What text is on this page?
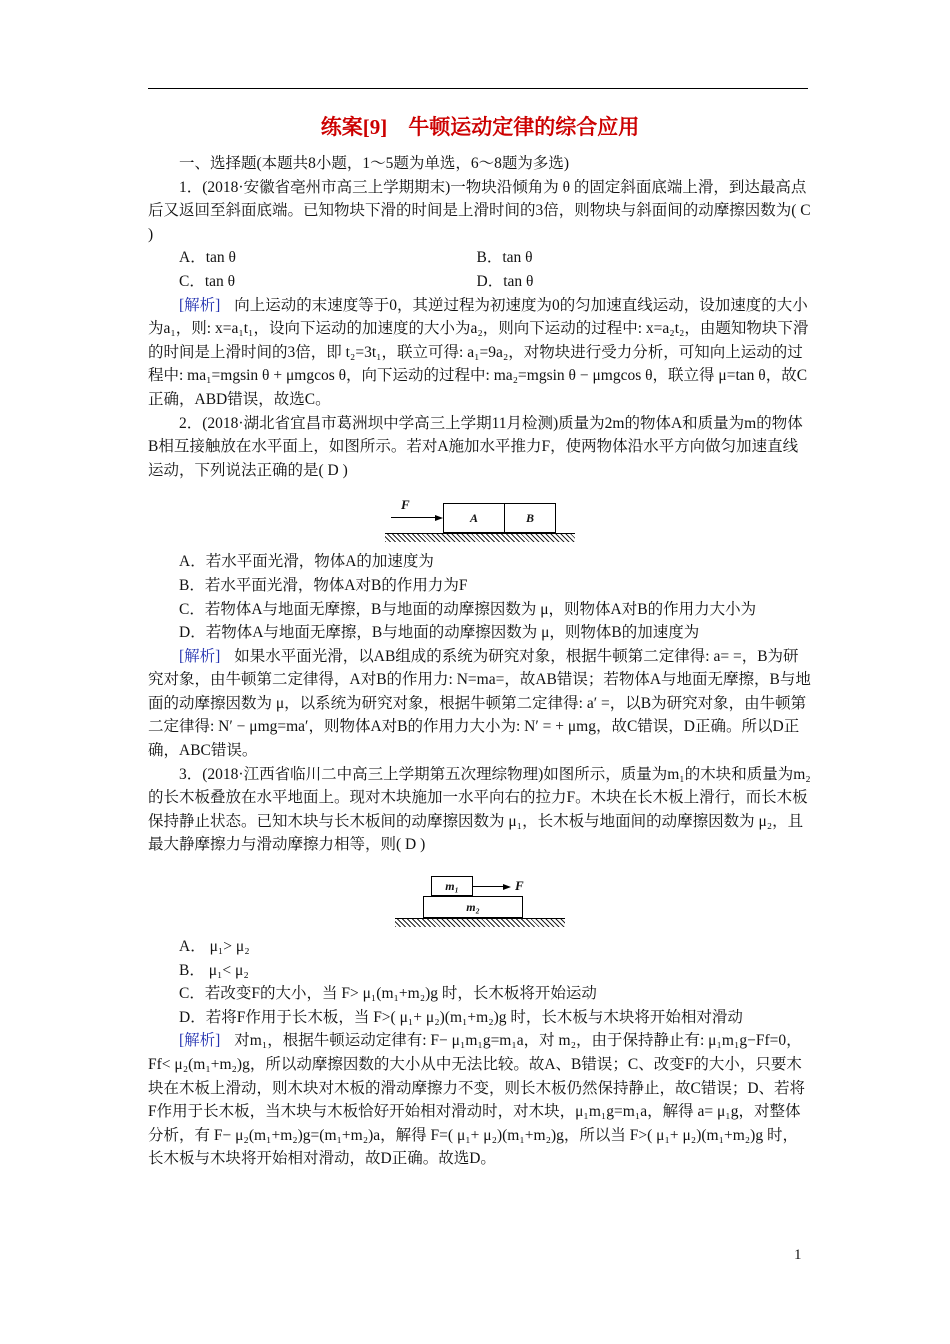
练案[9]　牛顿运动定律的综合应用

一、选择题(本题共8小题，1～5题为单选，6～8题为多选)

1．(2018·安徽省亳州市高三上学期期末)一物块沿倾角为 θ 的固定斜面底端上滑，到达最高点后又返回至斜面底端。已知物块下滑的时间是上滑时间的3倍，则物块与斜面间的动摩擦因数为( C )

A．tan θ	B．tan θ
C．tan θ	D．tan θ

[解析] 向上运动的末速度等于0，其逆过程为初速度为0的匀加速直线运动，设加速度的大小为a₁，则: x=a₁t₁，设向下运动的加速度的大小为a₂，则向下运动的过程中: x=a₂t₂，由题知物块下滑的时间是上滑时间的3倍，即 t₂=3t₁，联立可得: a₁=9a₂，对物块进行受力分析，可知向上运动的过程中: ma₁=mgsin θ + μmgcos θ，向下运动的过程中: ma₂=mgsin θ − μmgcos θ，联立得 μ=tan θ，故C正确，ABD错误，故选C。

2．(2018·湖北省宜昌市葛洲坝中学高三上学期11月检测)质量为2m的物体A和质量为m的物体B相互接触放在水平面上，如图所示。若对A施加水平推力F，使两物体沿水平方向做匀加速直线运动，下列说法正确的是( D )

F
A	B

A．若水平面光滑，物体A的加速度为

B．若水平面光滑，物体A对B的作用力为F

C．若物体A与地面无摩擦，B与地面的动摩擦因数为 μ，则物体A对B的作用力大小为

D．若物体A与地面无摩擦，B与地面的动摩擦因数为 μ，则物体B的加速度为

[解析] 如果水平面光滑，以AB组成的系统为研究对象，根据牛顿第二定律得: a= =，B为研究对象，由牛顿第二定律得，A对B的作用力: N=ma=，故AB错误；若物体A与地面无摩擦，B与地面的动摩擦因数为 μ，以系统为研究对象，根据牛顿第二定律得: a′ =，以B为研究对象，由牛顿第二定律得: N′ − μmg=ma′，则物体A对B的作用力大小为: N′ = + μmg，故C错误，D正确。所以D正确，ABC错误。

3．(2018·江西省临川二中高三上学期第五次理综物理)如图所示，质量为m₁的木块和质量为m₂的长木板叠放在水平地面上。现对木块施加一水平向右的拉力F。木块在长木板上滑行，而长木板保持静止状态。已知木块与长木板间的动摩擦因数为 μ₁，长木板与地面间的动摩擦因数为 μ₂，且最大静摩擦力与滑动摩擦力相等，则( D )

m₁	F
m₂

A． μ₁> μ₂

B． μ₁< μ₂

C．若改变F的大小，当 F> μ₁(m₁+m₂)g 时，长木板将开始运动

D．若将F作用于长木板，当 F>( μ₁+ μ₂)(m₁+m₂)g 时，长木板与木块将开始相对滑动

[解析] 对m₁，根据牛顿运动定律有: F− μ₁m₁g=m₁a，对 m₂，由于保持静止有: μ₁m₁g−Ff=0，Ff< μ₂(m₁+m₂)g，所以动摩擦因数的大小从中无法比较。故A、B错误；C、改变F的大小，只要木块在木板上滑动，则木块对木板的滑动摩擦力不变，则长木板仍然保持静止，故C错误；D、若将F作用于长木板，当木块与木板恰好开始相对滑动时，对木块，μ₁m₁g=m₁a，解得 a= μ₁g，对整体分析，有 F− μ₂(m₁+m₂)g=(m₁+m₂)a，解得 F=( μ₁+ μ₂)(m₁+m₂)g，所以当 F>( μ₁+ μ₂)(m₁+m₂)g 时，长木板与木块将开始相对滑动，故D正确。故选D。

1
